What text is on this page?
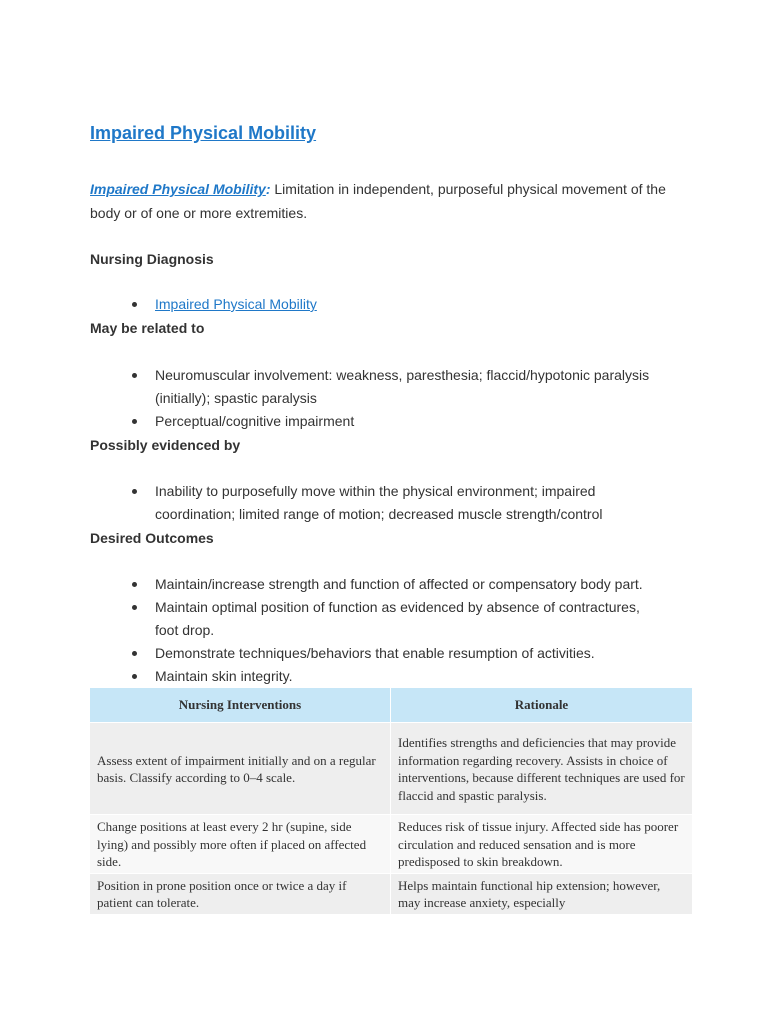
Impaired Physical Mobility

Impaired Physical Mobility: Limitation in independent, purposeful physical movement of the body or of one or more extremities.

Nursing Diagnosis
Impaired Physical Mobility
May be related to
Neuromuscular involvement: weakness, paresthesia; flaccid/hypotonic paralysis (initially); spastic paralysis
Perceptual/cognitive impairment
Possibly evidenced by
Inability to purposefully move within the physical environment; impaired coordination; limited range of motion; decreased muscle strength/control
Desired Outcomes
Maintain/increase strength and function of affected or compensatory body part.
Maintain optimal position of function as evidenced by absence of contractures, foot drop.
Demonstrate techniques/behaviors that enable resumption of activities.
Maintain skin integrity.
Nursing Interventions	Rationale
Assess extent of impairment initially and on a regular basis. Classify according to 0–4 scale.	Identifies strengths and deficiencies that may provide information regarding recovery. Assists in choice of interventions, because different techniques are used for flaccid and spastic paralysis.
Change positions at least every 2 hr (supine, side lying) and possibly more often if placed on affected side.	Reduces risk of tissue injury. Affected side has poorer circulation and reduced sensation and is more predisposed to skin breakdown.
Position in prone position once or twice a day if patient can tolerate.	Helps maintain functional hip extension; however, may increase anxiety, especially
